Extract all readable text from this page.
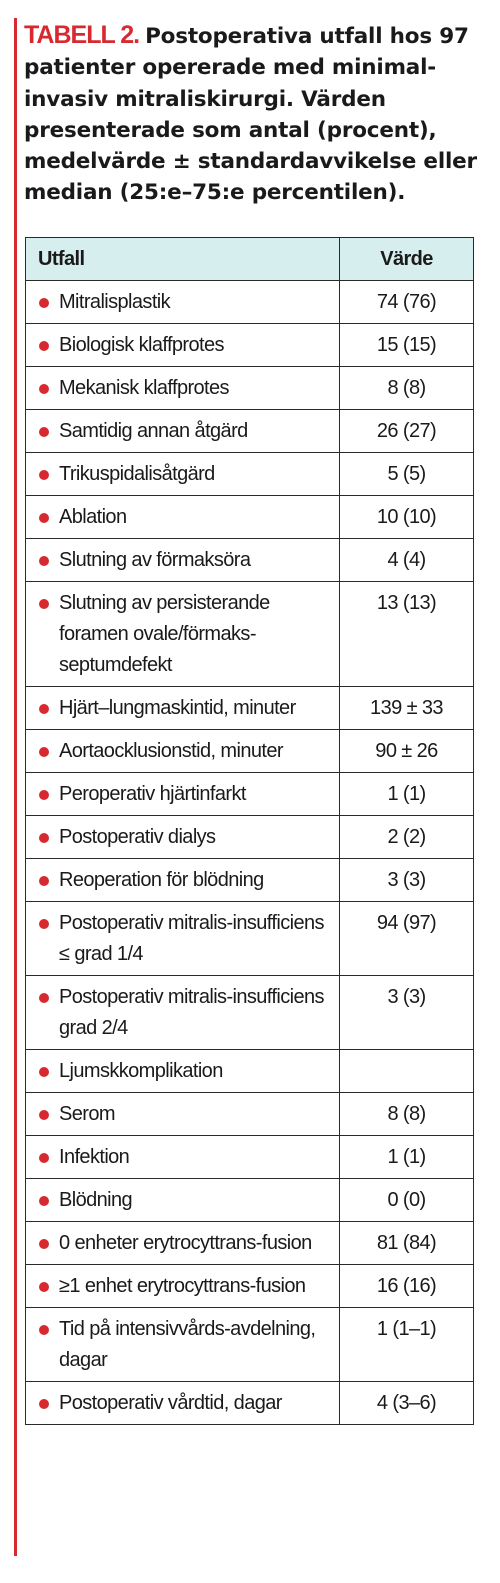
TABELL 2. Postoperativa utfall hos 97 patienter opererade med minimal-invasiv mitraliskirurgi. Värden presenterade som antal (procent), medelvärde ± standardavvikelse eller median (25:e–75:e percentilen).
Utfall	Värde

Mitralisplastik	74 (76)

Biologisk klaffprotes	15 (15)

Mekanisk klaffprotes	8 (8)

Samtidig annan åtgärd	26 (27)

Trikuspidalisåtgärd	5 (5)

Ablation	10 (10)

Slutning av förmaksöra	4 (4)

Slutning av persisterande foramen ovale/förmaks-septumdefekt	13 (13)

Hjärt–lungmaskintid, minuter	139 ± 33

Aortaocklusionstid, minuter	90 ± 26

Peroperativ hjärtinfarkt	1 (1)

Postoperativ dialys	2 (2)

Reoperation för blödning	3 (3)

Postoperativ mitralis-insufficiens ≤ grad 1/4	94 (97)

Postoperativ mitralis-insufficiens grad 2/4	3 (3)

Ljumskkomplikation	

Serom	8 (8)

Infektion	1 (1)

Blödning	0 (0)

0 enheter erytrocyttrans-fusion	81 (84)

≥1 enhet erytrocyttrans-fusion	16 (16)

Tid på intensivvårds-avdelning, dagar	1 (1–1)

Postoperativ vårdtid, dagar	4 (3–6)
